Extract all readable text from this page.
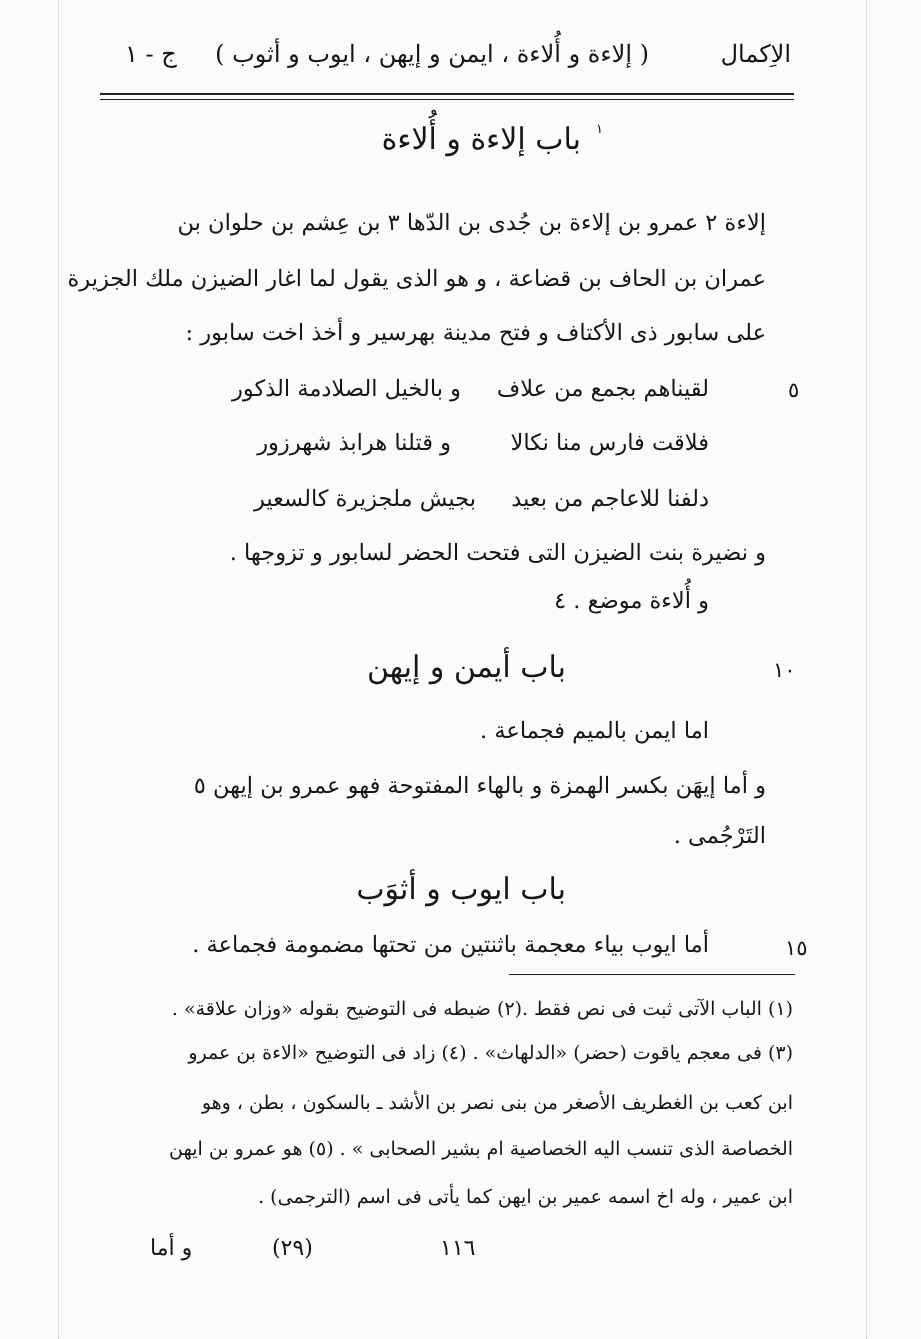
الاِكمال
( إلاءة و أُلاءة ، ايمن و إيهن ، ايوب و أثوب )
ج - ١
باب إلاءة و أُلاءة ١
إلاءة ٢ عمرو بن إلاءة بن جُدى بن الدّها ٣ بن عِشم بن حلوان بن
عمران بن الحاف بن قضاعة ، و هو الذى يقول لما اغار الضيزن ملك الجزيرة
على سابور ذى الأكتاف و فتح مدينة بهرسير و أخذ اخت سابور :
٥
لقيناهم بجمع من علاف
و بالخيل الصلادمة الذكور
فلاقت فارس منا نكالا
و قتلنا هرابذ شهرزور
دلفنا للاعاجم من بعيد
بجيش ملجزيرة كالسعير
و نضيرة بنت الضيزن التى فتحت الحضر لسابور و تزوجها .
و أُلاءة موضع . ٤
١٠
باب أيمن و إيهن
اما ايمن بالميم فجماعة .
و أما إيهَن بكسر الهمزة و بالهاء المفتوحة فهو عمرو بن إيهن ٥
التَرْجُمى .
باب ايوب و أثوَب
١٥
أما ايوب بياء معجمة باثنتين من تحتها مضمومة فجماعة .
(١) الباب الآتى ثبت فى نص فقط .(٢) ضبطه فى التوضيح بقوله «وزان علاقة» .
(٣) فى معجم ياقوت (حضر) «الدلهاث» . (٤) زاد فى التوضيح «الاءة بن عمرو
ابن كعب بن الغطريف الأصغر من بنى نصر بن الأشد ـ بالسكون ، بطن ، وهو
الخصاصة الذى تنسب اليه الخصاصية ام بشير الصحابى » . (٥) هو عمرو بن ايهن
ابن عمير ، وله اخ اسمه عمير بن ايهن كما يأتى فى اسم (الترجمى) .
١١٦
(٢٩)
و أما
